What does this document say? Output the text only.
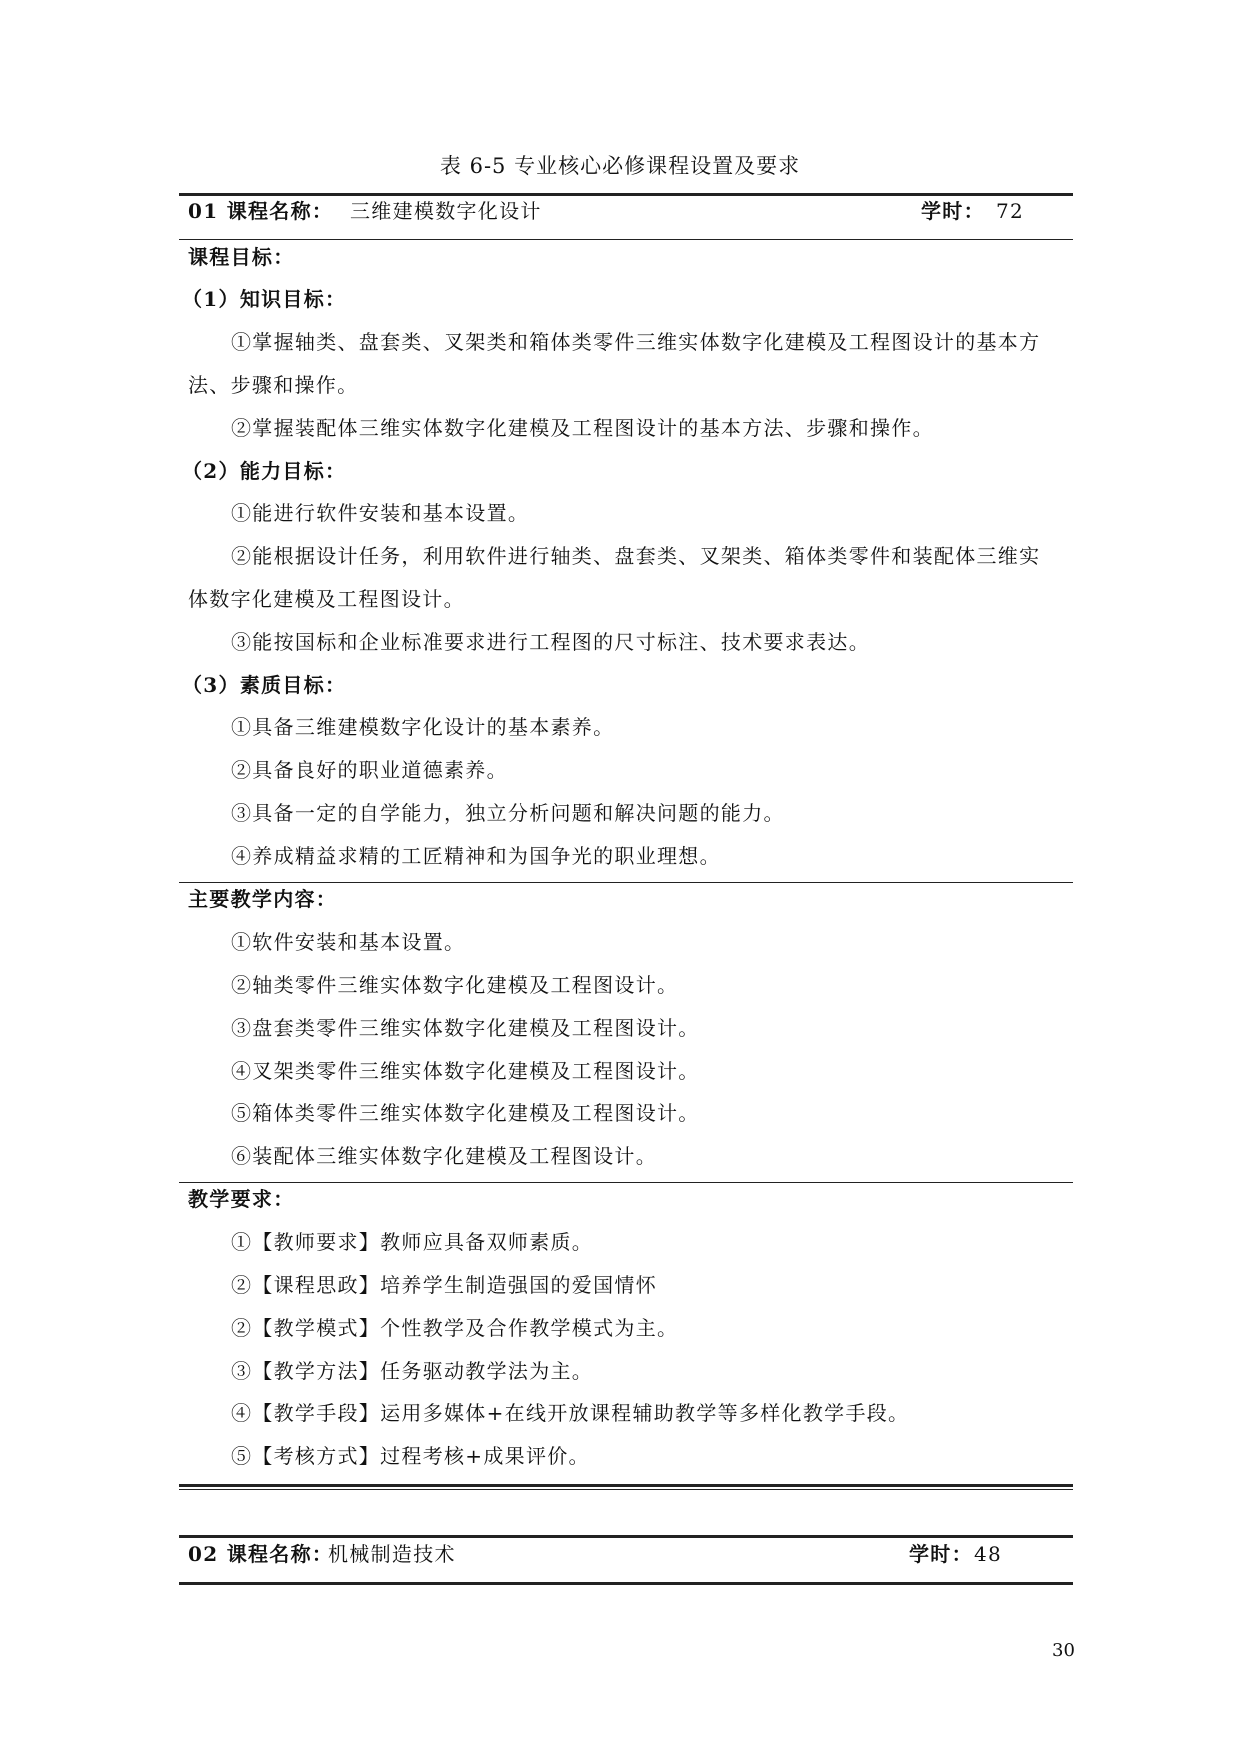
表 6-5 专业核心必修课程设置及要求
01 课程名称： 三维建模数字化设计	学时： 72
课程目标：
（1）知识目标：
①掌握轴类、盘套类、叉架类和箱体类零件三维实体数字化建模及工程图设计的基本方
法、步骤和操作。
②掌握装配体三维实体数字化建模及工程图设计的基本方法、步骤和操作。
（2）能力目标：
①能进行软件安装和基本设置。
②能根据设计任务，利用软件进行轴类、盘套类、叉架类、箱体类零件和装配体三维实
体数字化建模及工程图设计。
③能按国标和企业标准要求进行工程图的尺寸标注、技术要求表达。
（3）素质目标：
①具备三维建模数字化设计的基本素养。
②具备良好的职业道德素养。
③具备一定的自学能力，独立分析问题和解决问题的能力。
④养成精益求精的工匠精神和为国争光的职业理想。
主要教学内容：
①软件安装和基本设置。
②轴类零件三维实体数字化建模及工程图设计。
③盘套类零件三维实体数字化建模及工程图设计。
④叉架类零件三维实体数字化建模及工程图设计。
⑤箱体类零件三维实体数字化建模及工程图设计。
⑥装配体三维实体数字化建模及工程图设计。
教学要求：
①【教师要求】教师应具备双师素质。
②【课程思政】培养学生制造强国的爱国情怀
②【教学模式】个性教学及合作教学模式为主。
③【教学方法】任务驱动教学法为主。
④【教学手段】运用多媒体+在线开放课程辅助教学等多样化教学手段。
⑤【考核方式】过程考核+成果评价。
02 课程名称：
机械制造技术	学时： 48
30
